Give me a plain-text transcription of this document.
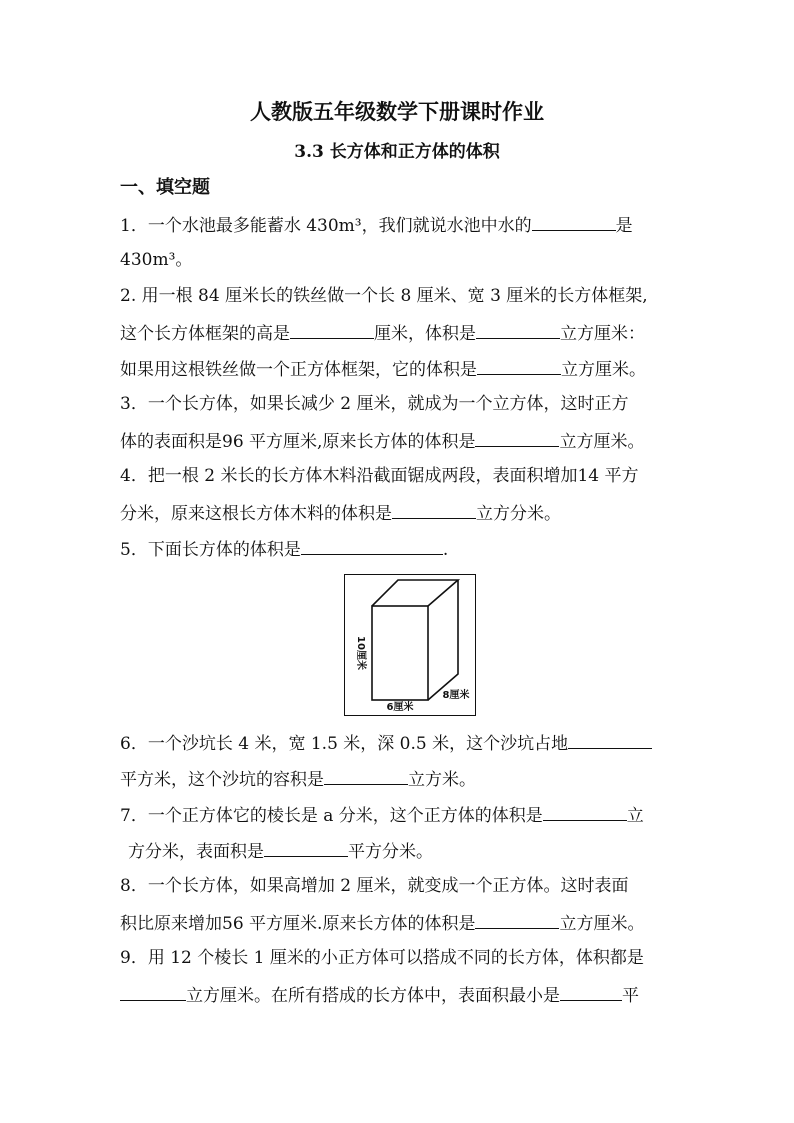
人教版五年级数学下册课时作业
3.3 长方体和正方体的体积
一、填空题
1．一个水池最多能蓄水 430m³，我们就说水池中水的	是
430m³。
2. 用一根 84 厘米长的铁丝做一个长 8 厘米、宽 3 厘米的长方体框架,
这个长方体框架的高是	厘米，体积是	立方厘米：
如果用这根铁丝做一个正方体框架，它的体积是	立方厘米。
3．一个长方体，如果长减少 2 厘米，就成为一个立方体，这时正方
体的表面积是96 平方厘米,原来长方体的体积是	立方厘米。
4．把一根 2 米长的长方体木料沿截面锯成两段，表面积增加14 平方
分米，原来这根长方体木料的体积是	立方分米。
5．下面长方体的体积是	.
10厘米
6厘米
8厘米
6．一个沙坑长 4 米，宽 1.5 米，深 0.5 米，这个沙坑占地
平方米，这个沙坑的容积是	立方米。
7．一个正方体它的棱长是 a 分米，这个正方体的体积是	立
方分米，表面积是	平方分米。
8．一个长方体，如果高增加 2 厘米，就变成一个正方体。这时表面
积比原来增加56 平方厘米.原来长方体的体积是	立方厘米。
9．用 12 个棱长 1 厘米的小正方体可以搭成不同的长方体，体积都是
立方厘米。在所有搭成的长方体中，表面积最小是	平
